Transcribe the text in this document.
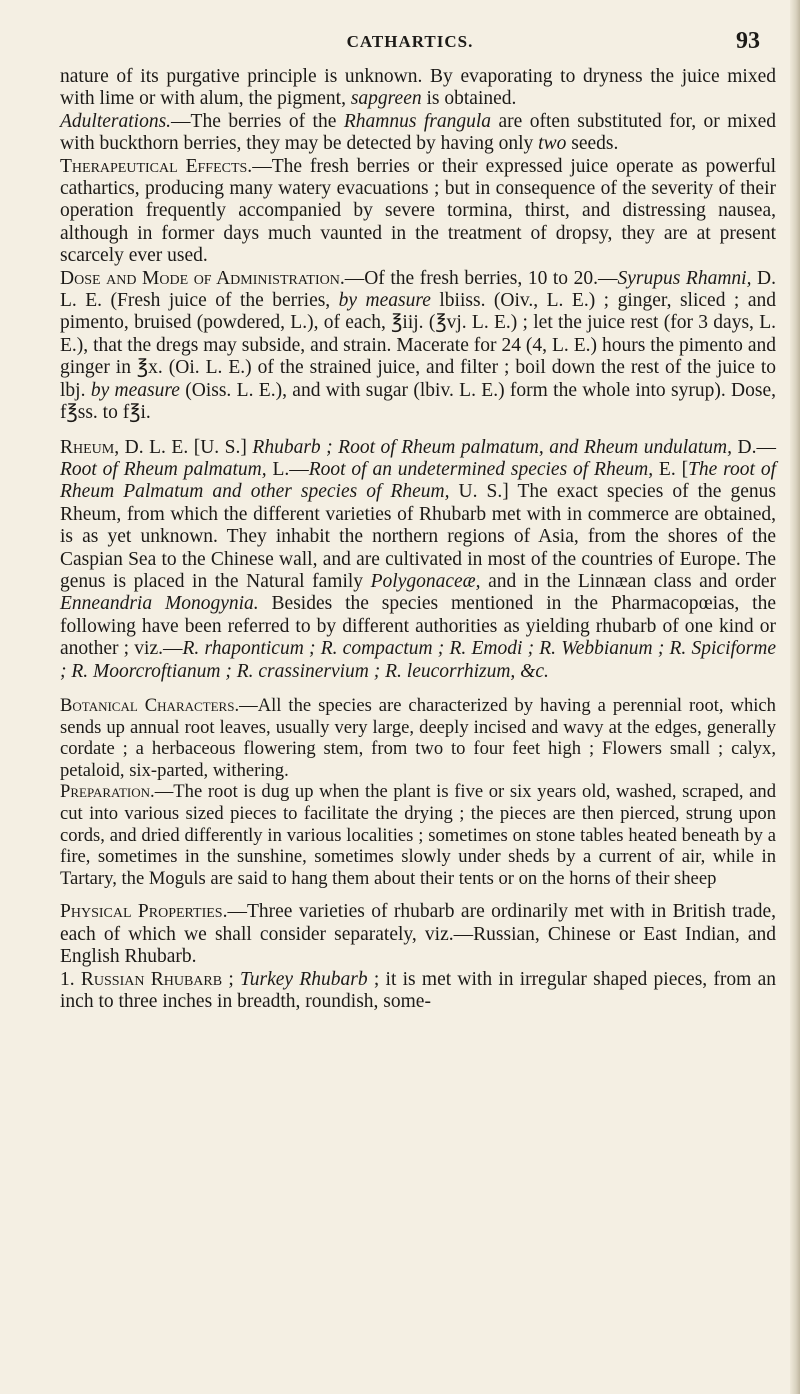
CATHARTICS.	93

nature of its purgative principle is unknown. By evaporating to dryness the juice mixed with lime or with alum, the pigment, sapgreen is obtained.

Adulterations.—The berries of the Rhamnus frangula are often substituted for, or mixed with buckthorn berries, they may be detected by having only two seeds.

Therapeutical Effects.—The fresh berries or their expressed juice operate as powerful cathartics, producing many watery evacuations ; but in consequence of the severity of their operation frequently accompanied by severe tormina, thirst, and distressing nausea, although in former days much vaunted in the treatment of dropsy, they are at present scarcely ever used.

Dose and Mode of Administration.—Of the fresh berries, 10 to 20.—Syrupus Rhamni, D. L. E. (Fresh juice of the berries, by measure lbiiss. (Oiv., L. E.) ; ginger, sliced ; and pimento, bruised (powdered, L.), of each, ℥iij. (℥vj. L. E.) ; let the juice rest (for 3 days, L. E.), that the dregs may subside, and strain. Macerate for 24 (4, L. E.) hours the pimento and ginger in ℥x. (Oi. L. E.) of the strained juice, and filter ; boil down the rest of the juice to lbj. by measure (Oiss. L. E.), and with sugar (lbiv. L. E.) form the whole into syrup). Dose, f℥ss. to f℥i.

Rheum, D. L. E. [U. S.] Rhubarb ; Root of Rheum palmatum, and Rheum undulatum, D.—Root of Rheum palmatum, L.—Root of an undetermined species of Rheum, E. [The root of Rheum Palmatum and other species of Rheum, U. S.] The exact species of the genus Rheum, from which the different varieties of Rhubarb met with in commerce are obtained, is as yet unknown. They inhabit the northern regions of Asia, from the shores of the Caspian Sea to the Chinese wall, and are cultivated in most of the countries of Europe. The genus is placed in the Natural family Polygonaceæ, and in the Linnæan class and order Enneandria Monogynia. Besides the species mentioned in the Pharmacopœias, the following have been referred to by different authorities as yielding rhubarb of one kind or another ; viz.—R. rhaponticum ; R. compactum ; R. Emodi ; R. Webbianum ; R. Spiciforme ; R. Moorcroftianum ; R. crassinervium ; R. leucorrhizum, &c.

Botanical Characters.—All the species are characterized by having a perennial root, which sends up annual root leaves, usually very large, deeply incised and wavy at the edges, generally cordate ; a herbaceous flowering stem, from two to four feet high ; Flowers small ; calyx, petaloid, six-parted, withering.

Preparation.—The root is dug up when the plant is five or six years old, washed, scraped, and cut into various sized pieces to facilitate the drying ; the pieces are then pierced, strung upon cords, and dried differently in various localities ; sometimes on stone tables heated beneath by a fire, sometimes in the sunshine, sometimes slowly under sheds by a current of air, while in Tartary, the Moguls are said to hang them about their tents or on the horns of their sheep

Physical Properties.—Three varieties of rhubarb are ordinarily met with in British trade, each of which we shall consider separately, viz.—Russian, Chinese or East Indian, and English Rhubarb.

1. Russian Rhubarb ; Turkey Rhubarb ; it is met with in irregular shaped pieces, from an inch to three inches in breadth, roundish, some-
